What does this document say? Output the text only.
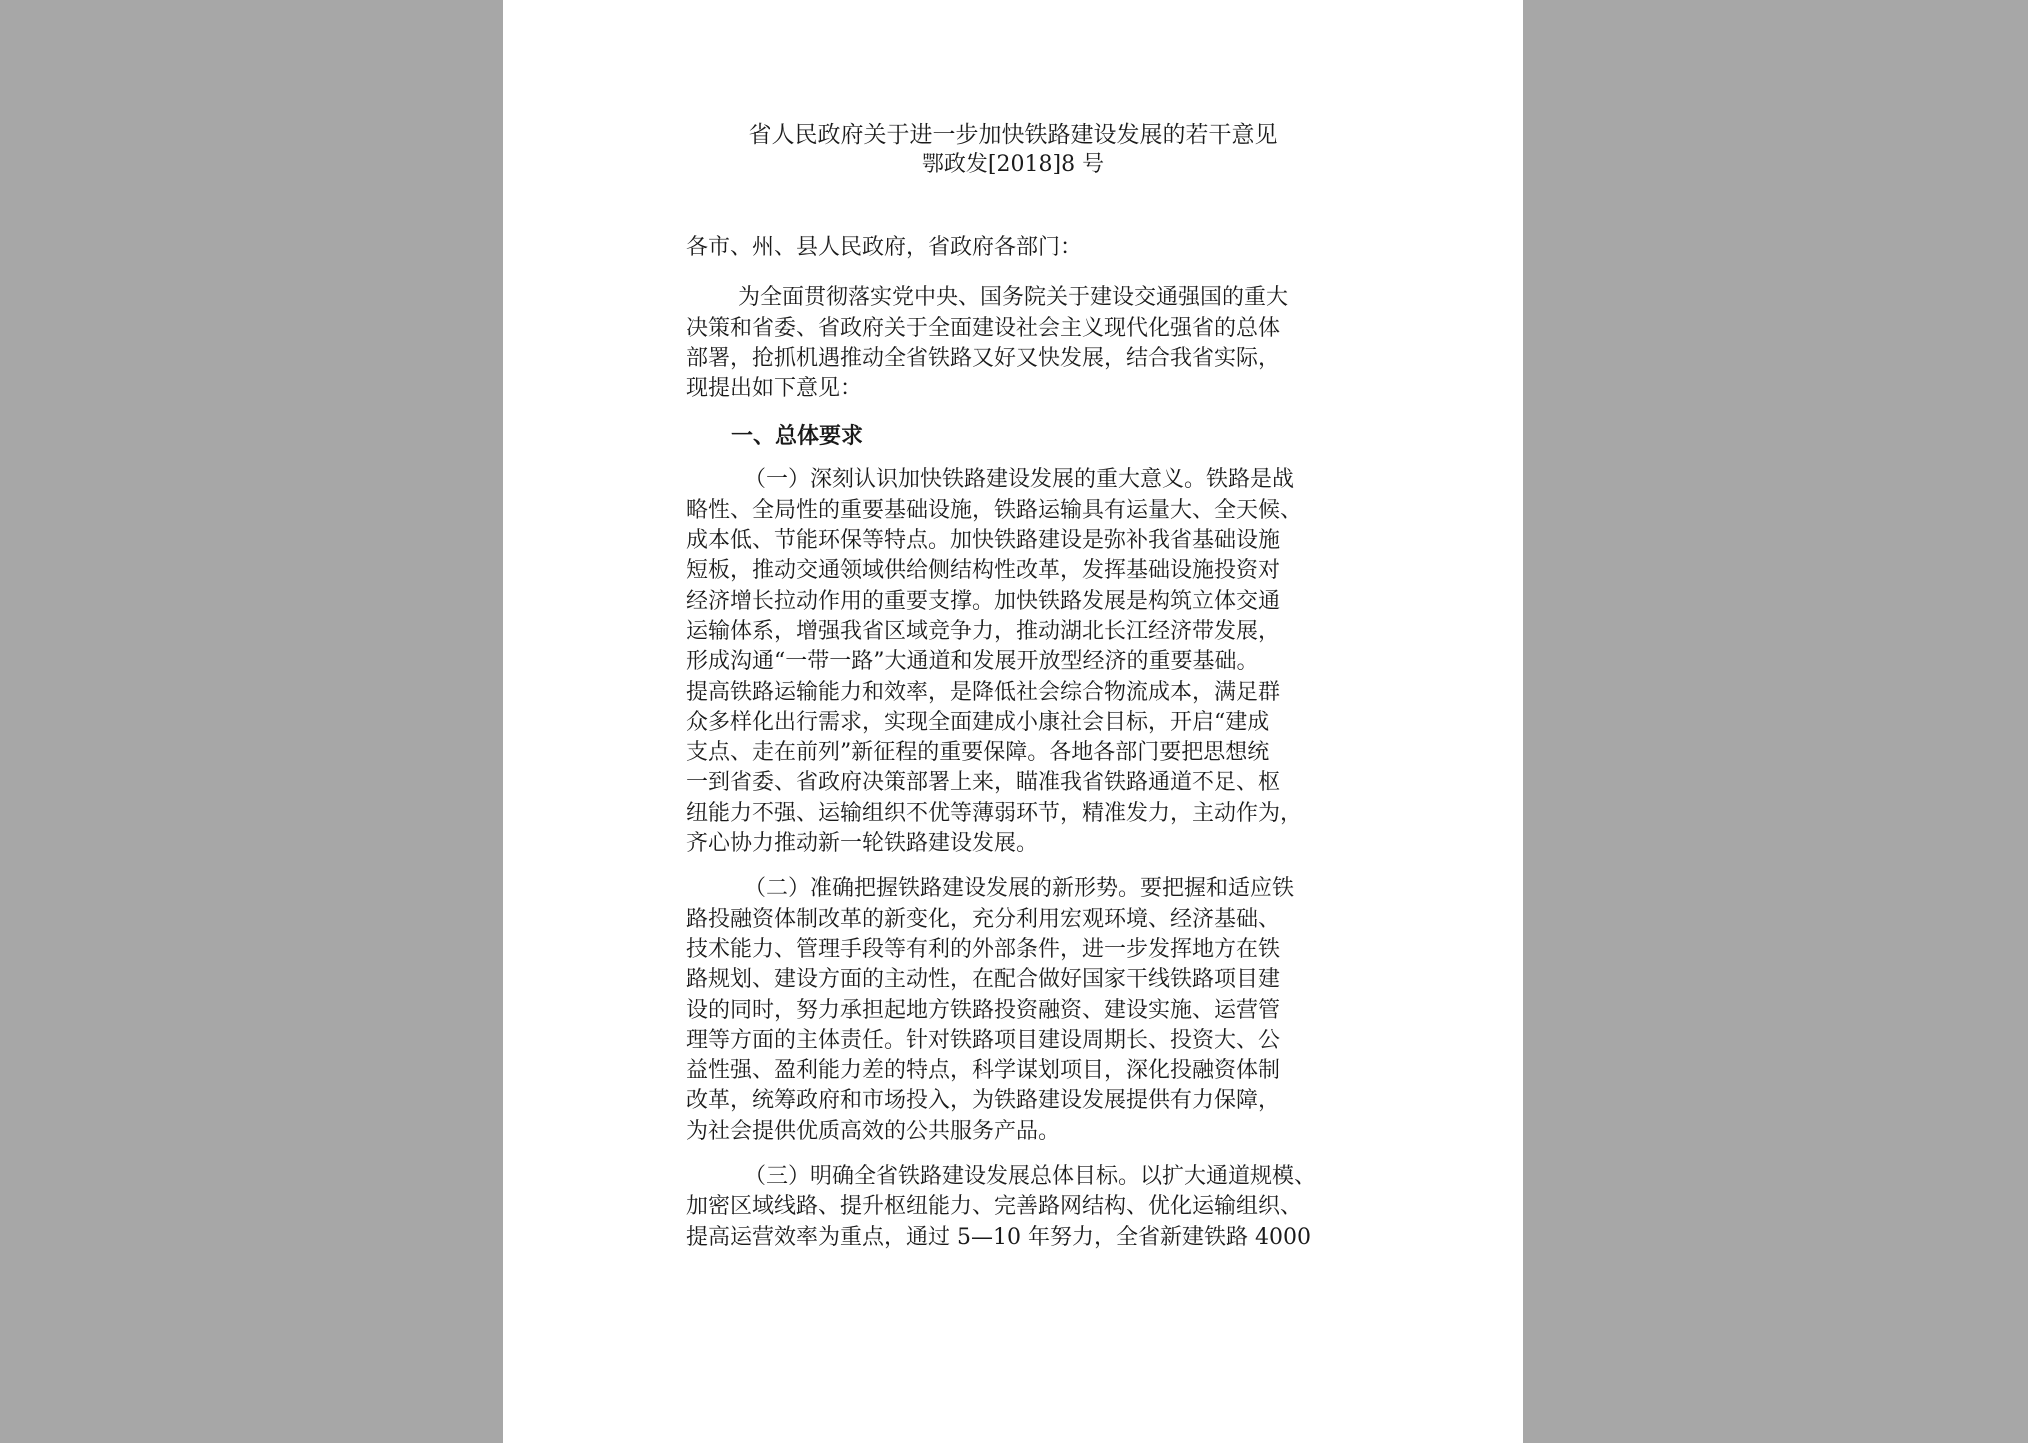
省人民政府关于进一步加快铁路建设发展的若干意见
鄂政发[2018]8 号

各市、州、县人民政府，省政府各部门：

为全面贯彻落实党中央、国务院关于建设交通强国的重大
决策和省委、省政府关于全面建设社会主义现代化强省的总体
部署，抢抓机遇推动全省铁路又好又快发展，结合我省实际，
现提出如下意见：

一、总体要求

（一）深刻认识加快铁路建设发展的重大意义。铁路是战
略性、全局性的重要基础设施，铁路运输具有运量大、全天候、
成本低、节能环保等特点。加快铁路建设是弥补我省基础设施
短板，推动交通领域供给侧结构性改革，发挥基础设施投资对
经济增长拉动作用的重要支撑。加快铁路发展是构筑立体交通
运输体系，增强我省区域竞争力，推动湖北长江经济带发展，
形成沟通“一带一路”大通道和发展开放型经济的重要基础。
提高铁路运输能力和效率，是降低社会综合物流成本，满足群
众多样化出行需求，实现全面建成小康社会目标，开启“建成
支点、走在前列”新征程的重要保障。各地各部门要把思想统
一到省委、省政府决策部署上来，瞄准我省铁路通道不足、枢
纽能力不强、运输组织不优等薄弱环节，精准发力，主动作为，
齐心协力推动新一轮铁路建设发展。

（二）准确把握铁路建设发展的新形势。要把握和适应铁
路投融资体制改革的新变化，充分利用宏观环境、经济基础、
技术能力、管理手段等有利的外部条件，进一步发挥地方在铁
路规划、建设方面的主动性，在配合做好国家干线铁路项目建
设的同时，努力承担起地方铁路投资融资、建设实施、运营管
理等方面的主体责任。针对铁路项目建设周期长、投资大、公
益性强、盈利能力差的特点，科学谋划项目，深化投融资体制
改革，统筹政府和市场投入，为铁路建设发展提供有力保障，
为社会提供优质高效的公共服务产品。

（三）明确全省铁路建设发展总体目标。以扩大通道规模、
加密区域线路、提升枢纽能力、完善路网结构、优化运输组织、
提高运营效率为重点，通过 5—10 年努力，全省新建铁路 4000
